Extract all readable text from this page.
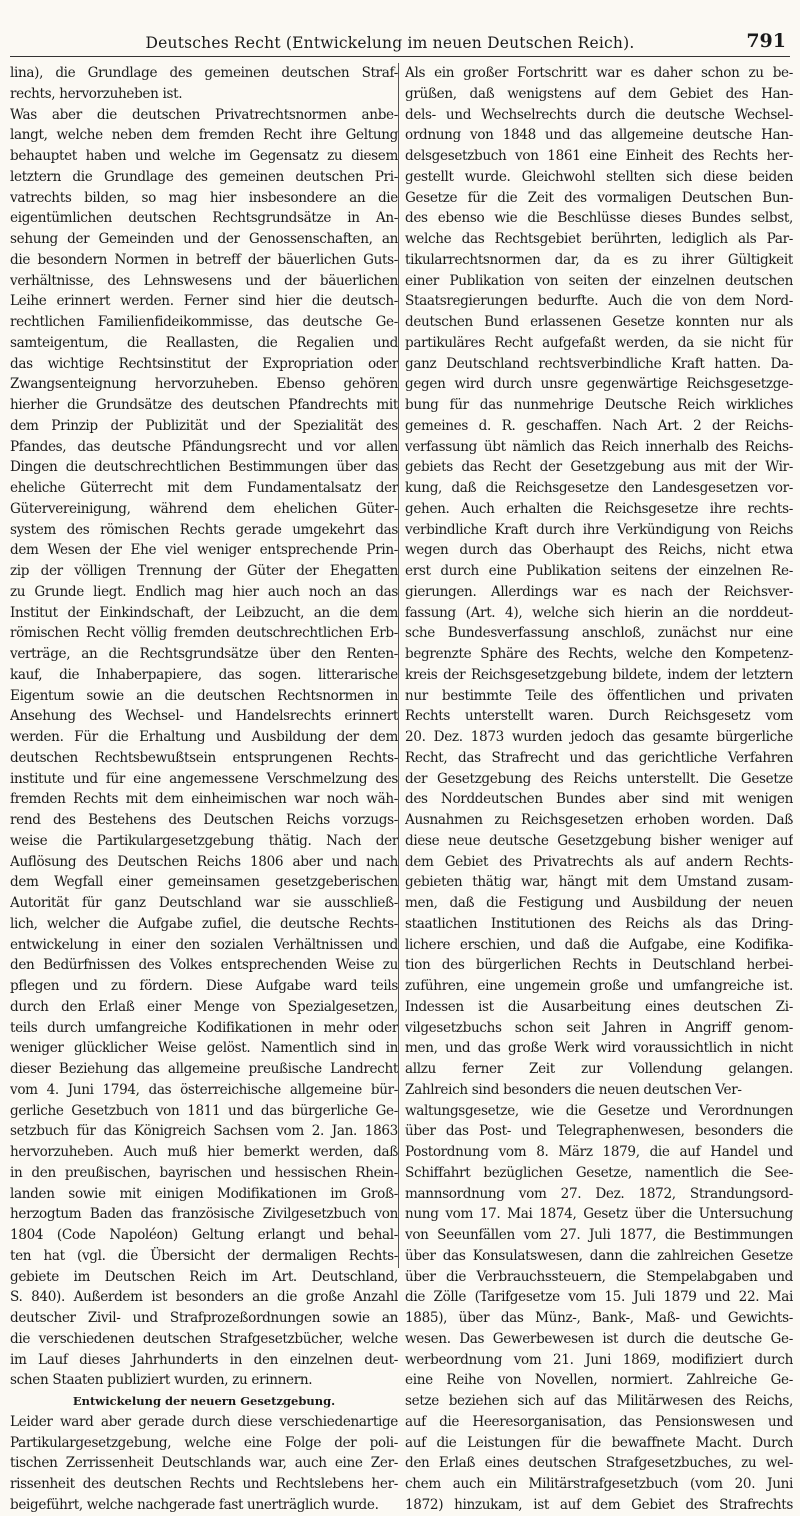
Deutsches Recht (Entwickelung im neuen Deutschen Reich).	791
lina), die Grundlage des gemeinen deutschen Straf-
rechts, hervorzuheben ist.
Was aber die deutschen Privatrechtsnormen anbe-
langt, welche neben dem fremden Recht ihre Geltung
behauptet haben und welche im Gegensatz zu diesem
letztern die Grundlage des gemeinen deutschen Pri-
vatrechts bilden, so mag hier insbesondere an die
eigentümlichen deutschen Rechtsgrundsätze in An-
sehung der Gemeinden und der Genossenschaften, an
die besondern Normen in betreff der bäuerlichen Guts-
verhältnisse, des Lehnswesens und der bäuerlichen
Leihe erinnert werden. Ferner sind hier die deutsch-
rechtlichen Familienfideikommisse, das deutsche Ge-
samteigentum, die Reallasten, die Regalien und
das wichtige Rechtsinstitut der Expropriation oder
Zwangsenteignung hervorzuheben. Ebenso gehören
hierher die Grundsätze des deutschen Pfandrechts mit
dem Prinzip der Publizität und der Spezialität des
Pfandes, das deutsche Pfändungsrecht und vor allen
Dingen die deutschrechtlichen Bestimmungen über das
eheliche Güterrecht mit dem Fundamentalsatz der
Gütervereinigung, während dem ehelichen Güter-
system des römischen Rechts gerade umgekehrt das
dem Wesen der Ehe viel weniger entsprechende Prin-
zip der völligen Trennung der Güter der Ehegatten
zu Grunde liegt. Endlich mag hier auch noch an das
Institut der Einkindschaft, der Leibzucht, an die dem
römischen Recht völlig fremden deutschrechtlichen Erb-
verträge, an die Rechtsgrundsätze über den Renten-
kauf, die Inhaberpapiere, das sogen. litterarische
Eigentum sowie an die deutschen Rechtsnormen in
Ansehung des Wechsel- und Handelsrechts erinnert
werden. Für die Erhaltung und Ausbildung der dem
deutschen Rechtsbewußtsein entsprungenen Rechts-
institute und für eine angemessene Verschmelzung des
fremden Rechts mit dem einheimischen war noch wäh-
rend des Bestehens des Deutschen Reichs vorzugs-
weise die Partikulargesetzgebung thätig. Nach der
Auflösung des Deutschen Reichs 1806 aber und nach
dem Wegfall einer gemeinsamen gesetzgeberischen
Autorität für ganz Deutschland war sie ausschließ-
lich, welcher die Aufgabe zufiel, die deutsche Rechts-
entwickelung in einer den sozialen Verhältnissen und
den Bedürfnissen des Volkes entsprechenden Weise zu
pflegen und zu fördern. Diese Aufgabe ward teils
durch den Erlaß einer Menge von Spezialgesetzen,
teils durch umfangreiche Kodifikationen in mehr oder
weniger glücklicher Weise gelöst. Namentlich sind in
dieser Beziehung das allgemeine preußische Landrecht
vom 4. Juni 1794, das österreichische allgemeine bür-
gerliche Gesetzbuch von 1811 und das bürgerliche Ge-
setzbuch für das Königreich Sachsen vom 2. Jan. 1863
hervorzuheben. Auch muß hier bemerkt werden, daß
in den preußischen, bayrischen und hessischen Rhein-
landen sowie mit einigen Modifikationen im Groß-
herzogtum Baden das französische Zivilgesetzbuch von
1804 (Code Napoléon) Geltung erlangt und behal-
ten hat (vgl. die Übersicht der dermaligen Rechts-
gebiete im Deutschen Reich im Art. Deutschland,
S. 840). Außerdem ist besonders an die große Anzahl
deutscher Zivil- und Strafprozeßordnungen sowie an
die verschiedenen deutschen Strafgesetzbücher, welche
im Lauf dieses Jahrhunderts in den einzelnen deut-
schen Staaten publiziert wurden, zu erinnern.
Entwickelung der neuern Gesetzgebung.
Leider ward aber gerade durch diese verschiedenartige
Partikulargesetzgebung, welche eine Folge der poli-
tischen Zerrissenheit Deutschlands war, auch eine Zer-
rissenheit des deutschen Rechts und Rechtslebens her-
beigeführt, welche nachgerade fast unerträglich wurde.
Als ein großer Fortschritt war es daher schon zu be-
grüßen, daß wenigstens auf dem Gebiet des Han-
dels- und Wechselrechts durch die deutsche Wechsel-
ordnung von 1848 und das allgemeine deutsche Han-
delsgesetzbuch von 1861 eine Einheit des Rechts her-
gestellt wurde. Gleichwohl stellten sich diese beiden
Gesetze für die Zeit des vormaligen Deutschen Bun-
des ebenso wie die Beschlüsse dieses Bundes selbst,
welche das Rechtsgebiet berührten, lediglich als Par-
tikularrechtsnormen dar, da es zu ihrer Gültigkeit
einer Publikation von seiten der einzelnen deutschen
Staatsregierungen bedurfte. Auch die von dem Nord-
deutschen Bund erlassenen Gesetze konnten nur als
partikuläres Recht aufgefaßt werden, da sie nicht für
ganz Deutschland rechtsverbindliche Kraft hatten. Da-
gegen wird durch unsre gegenwärtige Reichsgesetzge-
bung für das nunmehrige Deutsche Reich wirkliches
gemeines d. R. geschaffen. Nach Art. 2 der Reichs-
verfassung übt nämlich das Reich innerhalb des Reichs-
gebiets das Recht der Gesetzgebung aus mit der Wir-
kung, daß die Reichsgesetze den Landesgesetzen vor-
gehen. Auch erhalten die Reichsgesetze ihre rechts-
verbindliche Kraft durch ihre Verkündigung von Reichs
wegen durch das Oberhaupt des Reichs, nicht etwa
erst durch eine Publikation seitens der einzelnen Re-
gierungen. Allerdings war es nach der Reichsver-
fassung (Art. 4), welche sich hierin an die norddeut-
sche Bundesverfassung anschloß, zunächst nur eine
begrenzte Sphäre des Rechts, welche den Kompetenz-
kreis der Reichsgesetzgebung bildete, indem der letztern
nur bestimmte Teile des öffentlichen und privaten
Rechts unterstellt waren. Durch Reichsgesetz vom
20. Dez. 1873 wurden jedoch das gesamte bürgerliche
Recht, das Strafrecht und das gerichtliche Verfahren
der Gesetzgebung des Reichs unterstellt. Die Gesetze
des Norddeutschen Bundes aber sind mit wenigen
Ausnahmen zu Reichsgesetzen erhoben worden. Daß
diese neue deutsche Gesetzgebung bisher weniger auf
dem Gebiet des Privatrechts als auf andern Rechts-
gebieten thätig war, hängt mit dem Umstand zusam-
men, daß die Festigung und Ausbildung der neuen
staatlichen Institutionen des Reichs als das Dring-
lichere erschien, und daß die Aufgabe, eine Kodifika-
tion des bürgerlichen Rechts in Deutschland herbei-
zuführen, eine ungemein große und umfangreiche ist.
Indessen ist die Ausarbeitung eines deutschen Zi-
vilgesetzbuchs schon seit Jahren in Angriff genom-
men, und das große Werk wird voraussichtlich in nicht
allzu ferner Zeit zur Vollendung gelangen.
Zahlreich sind besonders die neuen deutschen Ver-
waltungsgesetze, wie die Gesetze und Verordnungen
über das Post- und Telegraphenwesen, besonders die
Postordnung vom 8. März 1879, die auf Handel und
Schiffahrt bezüglichen Gesetze, namentlich die See-
mannsordnung vom 27. Dez. 1872, Strandungsord-
nung vom 17. Mai 1874, Gesetz über die Untersuchung
von Seeunfällen vom 27. Juli 1877, die Bestimmungen
über das Konsulatswesen, dann die zahlreichen Gesetze
über die Verbrauchssteuern, die Stempelabgaben und
die Zölle (Tarifgesetze vom 15. Juli 1879 und 22. Mai
1885), über das Münz-, Bank-, Maß- und Gewichts-
wesen. Das Gewerbewesen ist durch die deutsche Ge-
werbeordnung vom 21. Juni 1869, modifiziert durch
eine Reihe von Novellen, normiert. Zahlreiche Ge-
setze beziehen sich auf das Militärwesen des Reichs,
auf die Heeresorganisation, das Pensionswesen und
auf die Leistungen für die bewaffnete Macht. Durch
den Erlaß eines deutschen Strafgesetzbuches, zu wel-
chem auch ein Militärstrafgesetzbuch (vom 20. Juni
1872) hinzukam, ist auf dem Gebiet des Strafrechts
